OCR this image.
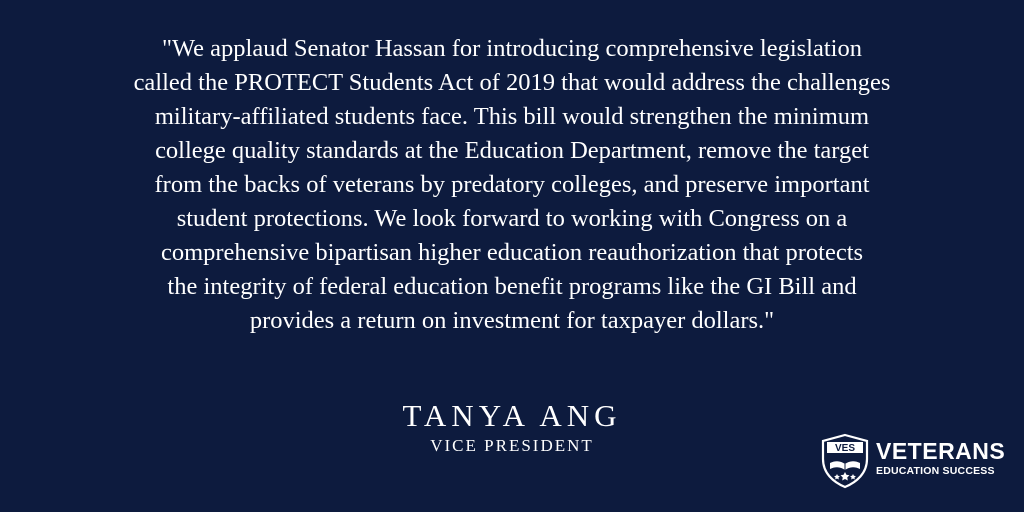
"We applaud Senator Hassan for introducing comprehensive legislation
called the PROTECT Students Act of 2019 that would address the challenges
military-affiliated students face. This bill would strengthen the minimum
college quality standards at the Education Department, remove the target
from the backs of veterans by predatory colleges, and preserve important
student protections. We look forward to working with Congress on a
comprehensive bipartisan higher education reauthorization that protects
the integrity of federal education benefit programs like the GI Bill and
provides a return on investment for taxpayer dollars."

TANYA ANG
VICE PRESIDENT	VES VETERANS
EDUCATION SUCCESS
